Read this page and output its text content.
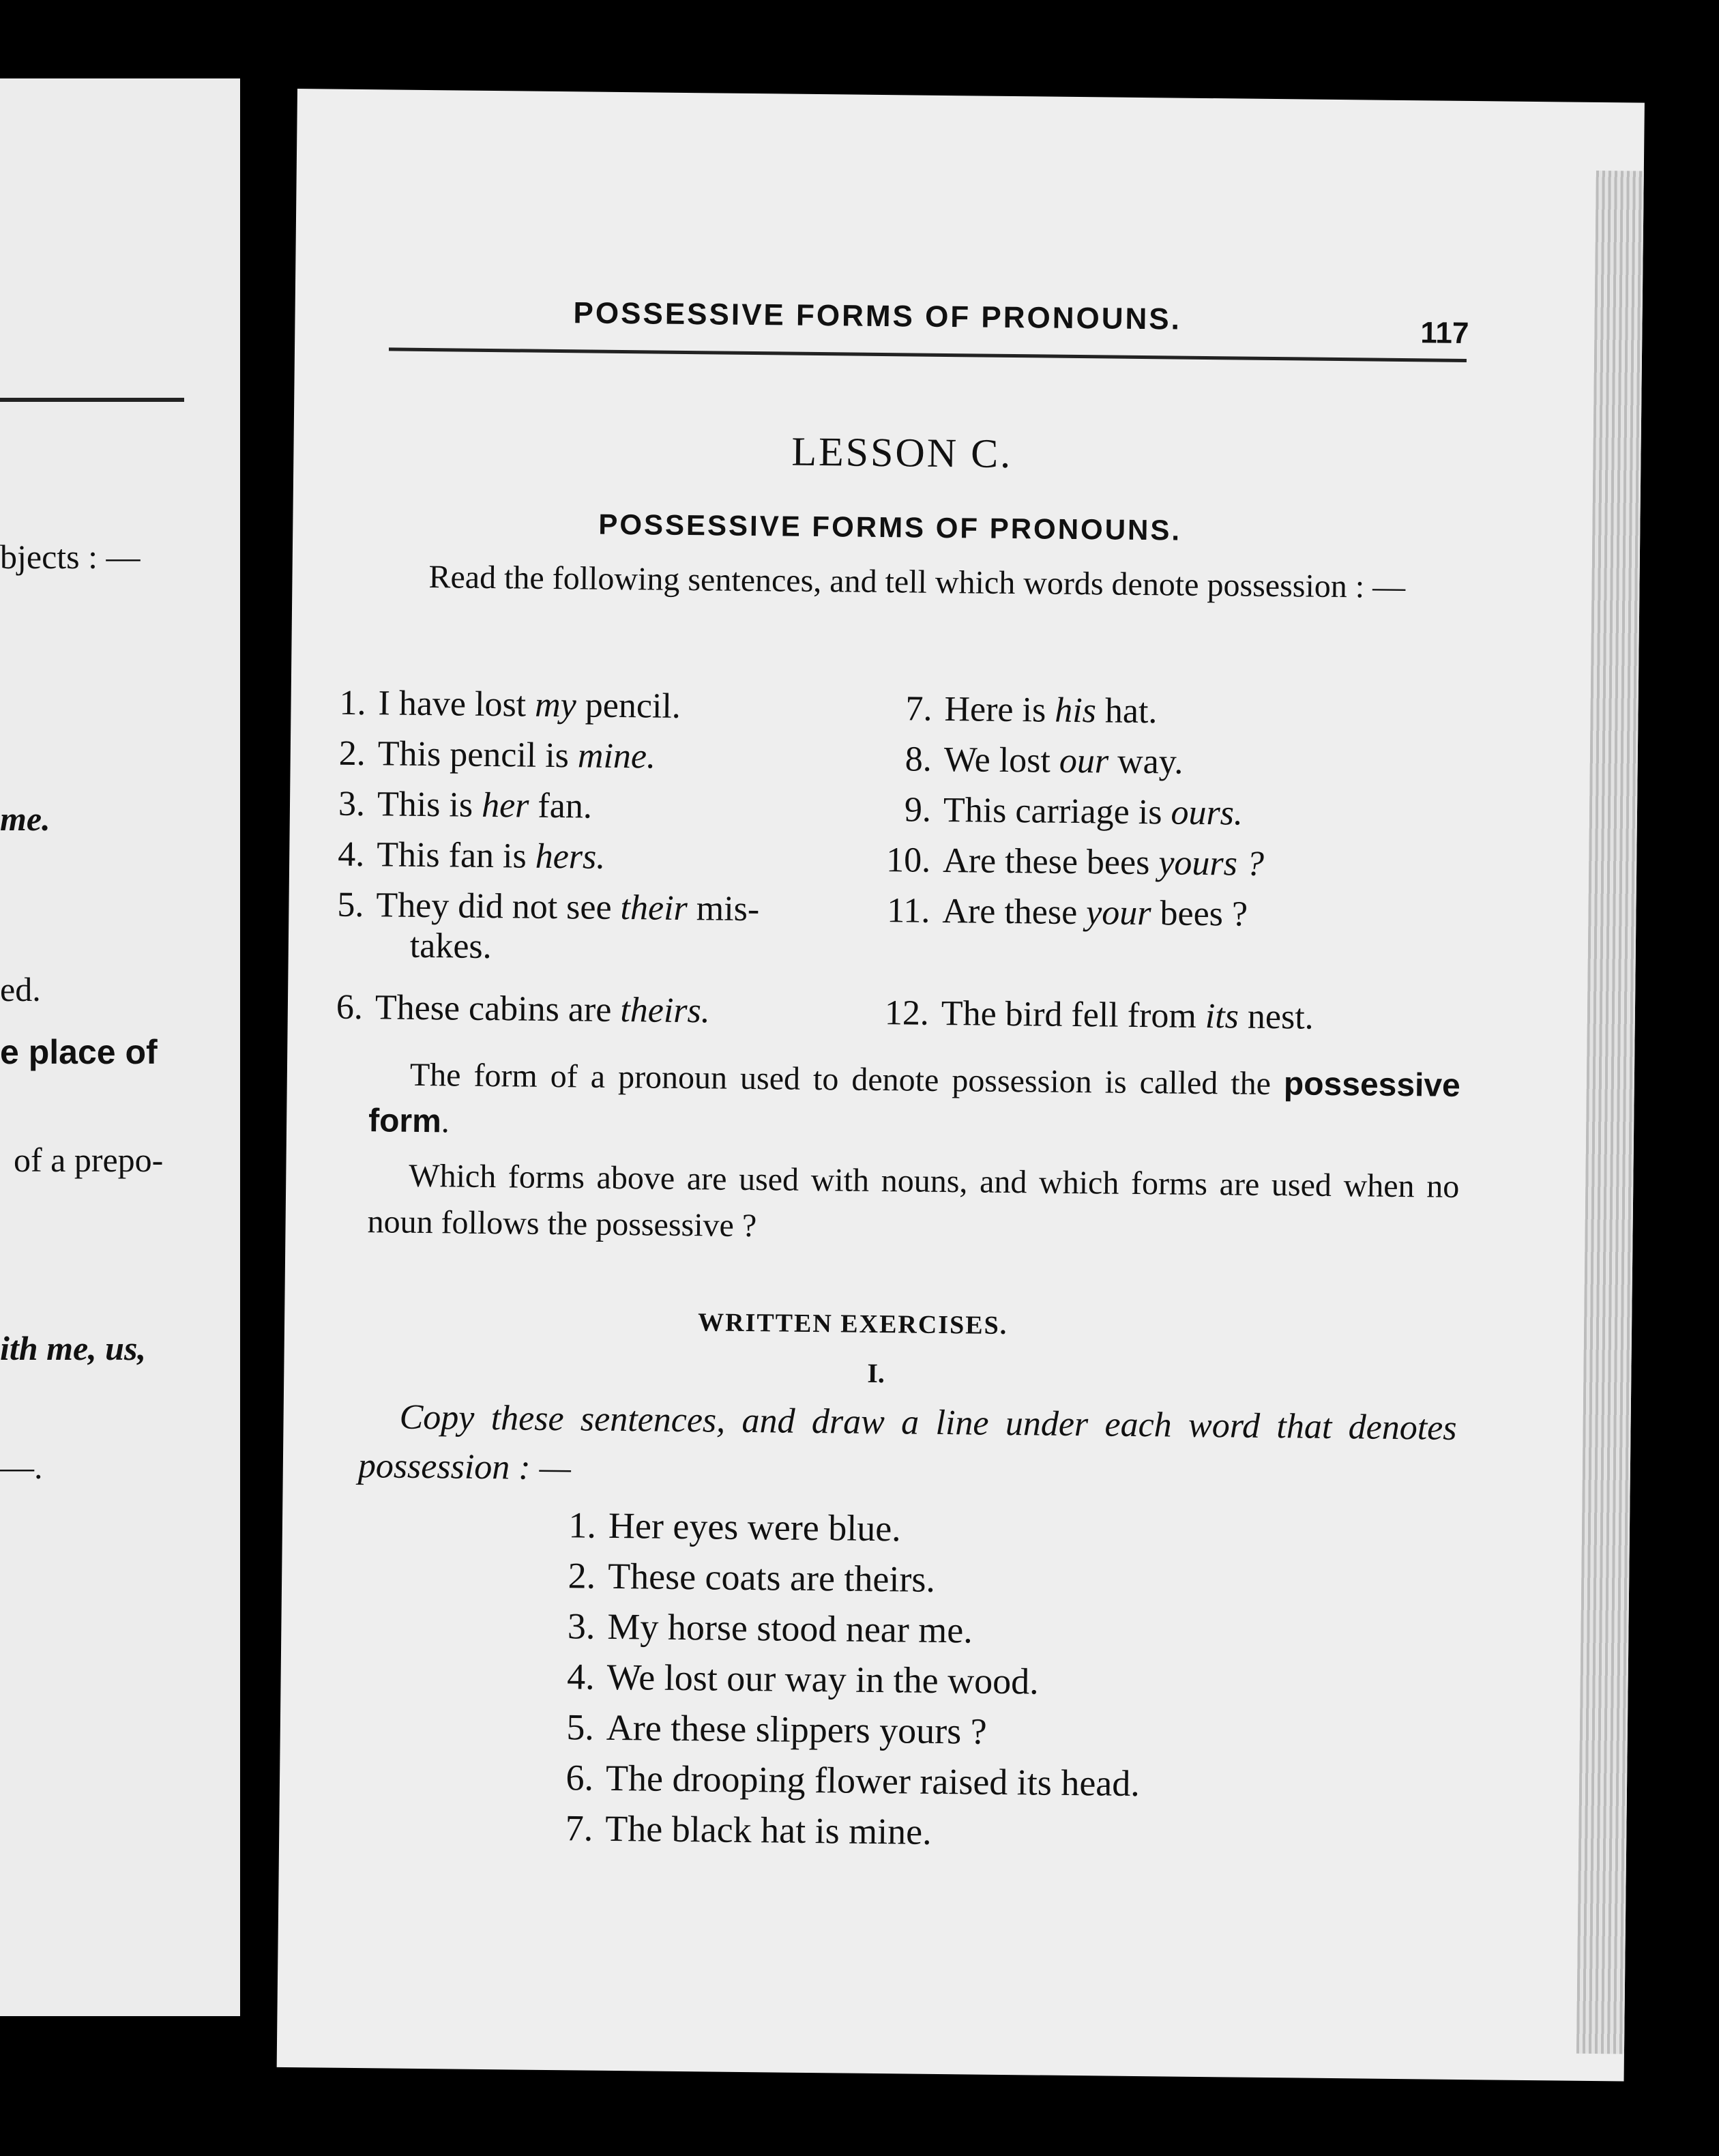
bjects : —
me.
ed.
e place of
of a prepo-
ith me, us,
—.
POSSESSIVE FORMS OF PRONOUNS.	117
LESSON C.
POSSESSIVE FORMS OF PRONOUNS.
Read the following sentences, and tell which words denote possession : —
1. I have lost my pencil.
2. This pencil is mine.
3. This is her fan.
4. This fan is hers.
5. They did not see their mis-
takes.
6. These cabins are theirs.
7. Here is his hat.
8. We lost our way.
9. This carriage is ours.
10. Are these bees yours ?
11. Are these your bees ?
12. The bird fell from its nest.
The form of a pronoun used to denote possession is called the possessive form.
Which forms above are used with nouns, and which forms are used when no noun follows the possessive ?
WRITTEN EXERCISES.
I.
Copy these sentences, and draw a line under each word that denotes possession : —
1. Her eyes were blue.
2. These coats are theirs.
3. My horse stood near me.
4. We lost our way in the wood.
5. Are these slippers yours ?
6. The drooping flower raised its head.
7. The black hat is mine.
